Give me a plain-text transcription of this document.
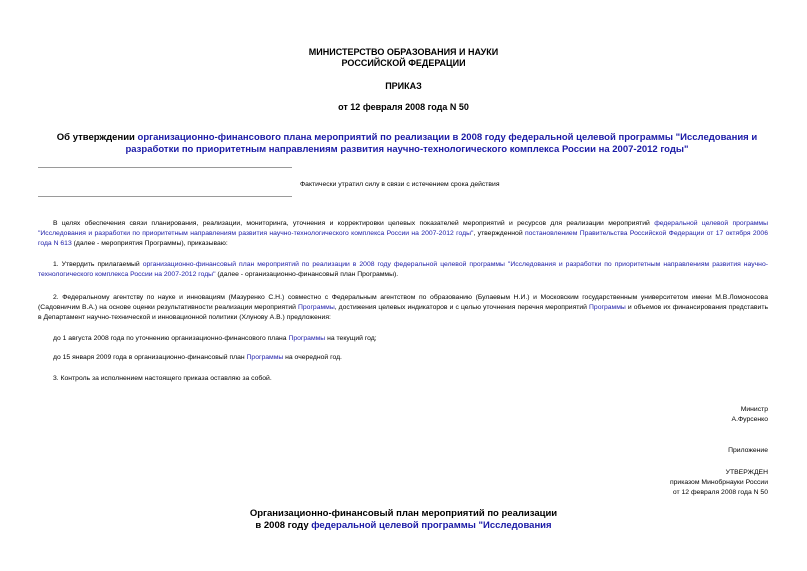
МИНИСТЕРСТВО ОБРАЗОВАНИЯ И НАУКИ
РОССИЙСКОЙ ФЕДЕРАЦИИ
ПРИКАЗ
от 12 февраля 2008 года N 50
Об утверждении организационно-финансового плана мероприятий по реализации в 2008 году федеральной целевой программы "Исследования и разработки по приоритетным направлениям развития научно-технологического комплекса России на 2007-2012 годы"
Фактически утратил силу в связи с истечением срока действия
В целях обеспечения связи планирования, реализации, мониторинга, уточнения и корректировки целевых показателей мероприятий и ресурсов для реализации мероприятий федеральной целевой программы "Исследования и разработки по приоритетным направлениям развития научно-технологического комплекса России на 2007-2012 годы", утвержденной постановлением Правительства Российской Федерации от 17 октября 2006 года N 613 (далее - мероприятия Программы), приказываю:
1. Утвердить прилагаемый организационно-финансовый план мероприятий по реализации в 2008 году федеральной целевой программы "Исследования и разработки по приоритетным направлениям развития научно-технологического комплекса России на 2007-2012 годы" (далее - организационно-финансовый план Программы).
2. Федеральному агентству по науке и инновациям (Мазуренко С.Н.) совместно с Федеральным агентством по образованию (Булаевым Н.И.) и Московским государственным университетом имени М.В.Ломоносова (Садовничим В.А.) на основе оценки результативности реализации мероприятий Программы, достижения целевых индикаторов и с целью уточнения перечня мероприятий Программы и объемов их финансирования представить в Департамент научно-технической и инновационной политики (Хлунову А.В.) предложения:
до 1 августа 2008 года по уточнению организационно-финансового плана Программы на текущий год;
до 15 января 2009 года в организационно-финансовый план Программы на очередной год.
3. Контроль за исполнением настоящего приказа оставляю за собой.
Министр
А.Фурсенко
Приложение
УТВЕРЖДЕН
приказом Минобрнауки России
от 12 февраля 2008 года N 50
Организационно-финансовый план мероприятий по реализации
в 2008 году федеральной целевой программы "Исследования
